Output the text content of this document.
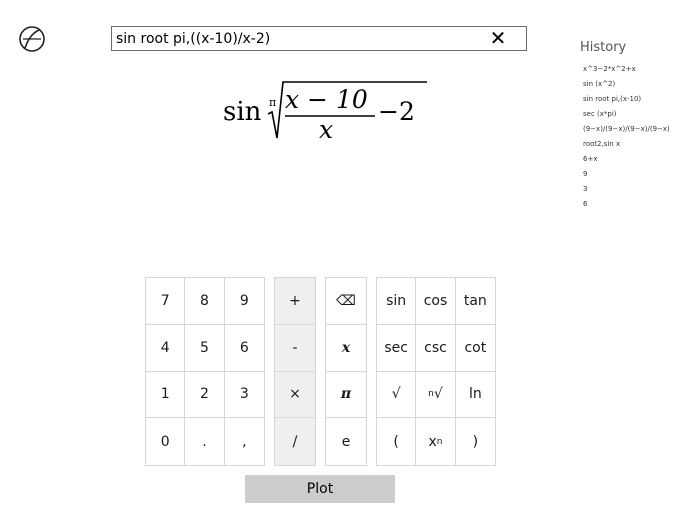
sin root pi,((x-10)/x-2)
✕
sin π x − 10
x
−2
History
x^3−2*x^2+x
sin (x^2)
sin root pi,(x-10)
sec (x*pi)
(9−x)/(9−x)/(9−x)/(9−x)
root2,sin x
6+x
9
3
6
7	8	9
4	5	6
1	2	3
0	.	,
+
-
×
/
⌫
x
π
e
sin	cos	tan
sec	csc	cot
√	n √	ln
(	x n	)
Plot
